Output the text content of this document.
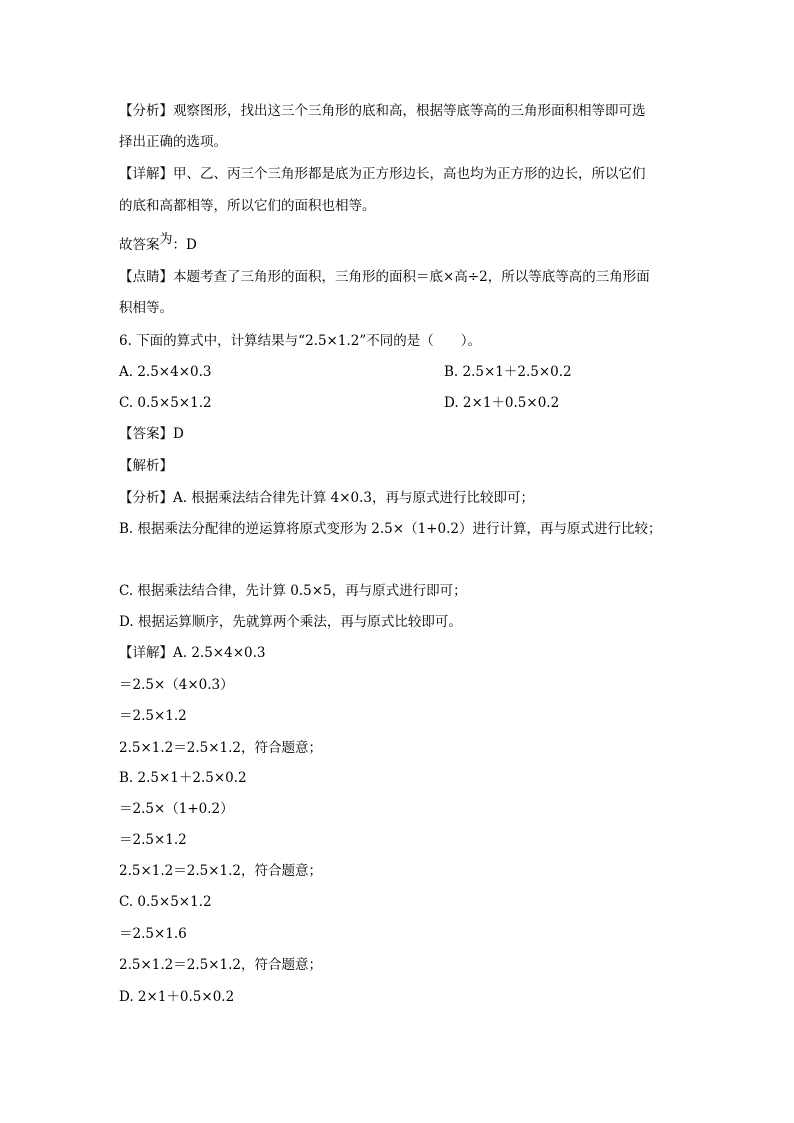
【分析】观察图形，找出这三个三角形的底和高，根据等底等高的三角形面积相等即可选
择出正确的选项。
【详解】甲、乙、丙三个三角形都是底为正方形边长，高也均为正方形的边长，所以它们
的底和高都相等，所以它们的面积也相等。
故答案为：D
【点睛】本题考查了三角形的面积，三角形的面积＝底×高÷2，所以等底等高的三角形面
积相等。
6. 下面的算式中，计算结果与“2.5×1.2”不同的是（　　）。
A. 2.5×4×0.3	B. 2.5×1＋2.5×0.2
C. 0.5×5×1.2	D. 2×1＋0.5×0.2
【答案】D
【解析】
【分析】A. 根据乘法结合律先计算 4×0.3，再与原式进行比较即可；
B. 根据乘法分配律的逆运算将原式变形为 2.5×（1+0.2）进行计算，再与原式进行比较；
C. 根据乘法结合律，先计算 0.5×5，再与原式进行即可；
D. 根据运算顺序，先就算两个乘法，再与原式比较即可。
【详解】A. 2.5×4×0.3
＝2.5×（4×0.3）
＝2.5×1.2
2.5×1.2＝2.5×1.2，符合题意；
B. 2.5×1＋2.5×0.2
＝2.5×（1+0.2）
＝2.5×1.2
2.5×1.2＝2.5×1.2，符合题意；
C. 0.5×5×1.2
＝2.5×1.6
2.5×1.2＝2.5×1.2，符合题意；
D. 2×1＋0.5×0.2
